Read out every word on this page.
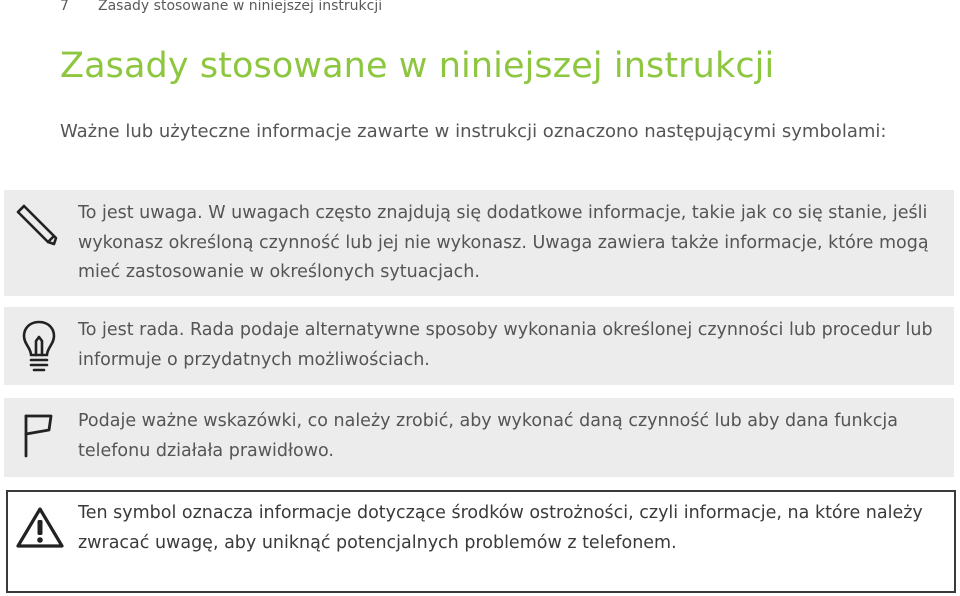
7 Zasady stosowane w niniejszej instrukcji
Zasady stosowane w niniejszej instrukcji
Ważne lub użyteczne informacje zawarte w instrukcji oznaczono następującymi symbolami:
To jest uwaga. W uwagach często znajdują się dodatkowe informacje, takie jak co się stanie, jeśli wykonasz określoną czynność lub jej nie wykonasz. Uwaga zawiera także informacje, które mogą mieć zastosowanie w określonych sytuacjach.
To jest rada. Rada podaje alternatywne sposoby wykonania określonej czynności lub procedur lub informuje o przydatnych możliwościach.
Podaje ważne wskazówki, co należy zrobić, aby wykonać daną czynność lub aby dana funkcja telefonu działała prawidłowo.
Ten symbol oznacza informacje dotyczące środków ostrożności, czyli informacje, na które należy zwracać uwagę, aby uniknąć potencjalnych problemów z telefonem.
